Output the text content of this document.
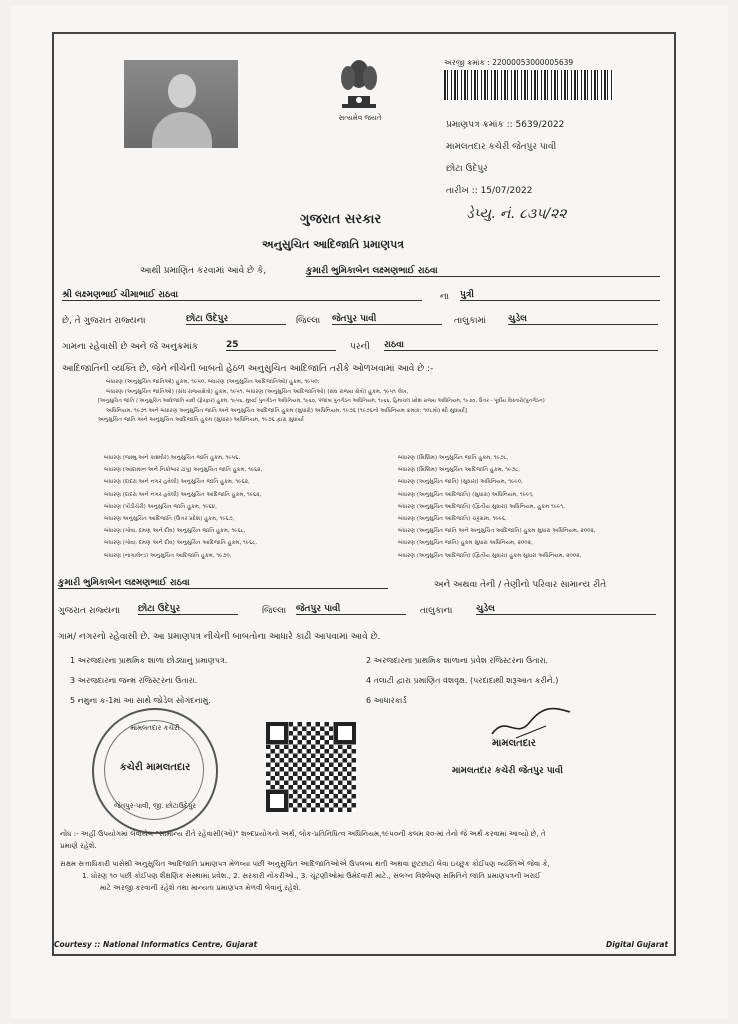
સત્યમેવ જયતે
અરજી ક્રમાંક : 22000053000005639
પ્રમાણપત્ર ક્રમાંક :: 5639/2022
મામલતદાર કચેરી જેતપુર પાવી
છોટા ઉદેપુર
તારીખ :: 15/07/2022
ગુજરાત સરકાર	ડેપ્યુ. નં. ૮૩૫/૨૨
અનુસુચિત આદિજાતિ પ્રમાણપત્ર
આથી પ્રમાણિત કરવામાં આવે છે કે,	કુમારી ભુમિકાબેન લક્ષ્મણભાઈ રાઠવા
શ્રી લક્ષ્મણભાઈ ચીમાભાઈ રાઠવા	ના પુત્રી
છે, તે ગુજરાત રાજ્યના	છોટા ઉદેપુર	જિલ્લા જેતપુર પાવી	તાલુકામાં ચુડેલ
ગામના રહેવાસી છે અને જે અનુક્રમાંક	25	પરની રાઠવા
આદિજાતિની વ્યક્તિ છે, જેને નીચેની બાબતો હેઠળ અનુસુચિત આદિજાતિ તરીકે ઓળખવામાં આવે છે :-
બંધારણ (અનુસુચિત જાતિઓ) હુકમ, ૧૯૫૦, બંધારણ (અનુસુચિત આદિજાતિઓ) હુકમ, ૧૯૫૦;
બંધારણ (અનુસુચિત જાતિઓ) (સંઘ રાજ્યક્ષેત્રો) હુકમ, ૧૯૫૧, બંધારણ (અનુસુચિત આદિજાતિઓ) (સંઘ રાજ્ય ક્ષેત્રો) હુકમ, ૧૯૫૧ લેખ,
[અનુસુચિત જાતિ / અનુસુચિત આદિજાતિ યાદી (ફેરફાર) હુકમ, ૧૯૫૬, મુંબઈ પુનર્ગઠન અધિનિયમ, ૧૯૬૦, પંજાબ પુનર્ગઠન અધિનિયમ, ૧૯૬૬, હિમાચલ પ્રદેશ રાજ્ય અધિનિયમ, ૧૯૭૦, ઉત્તર - પૂર્વીય વિસ્તારો(પુનર્ગઠન)
અધિનિયમ, ૧૯૭૧ અને બંધારણ અનુસુચિત જાતિ અને અનુસુચિત આદિજાતિ હુકમ (સુધારો) અધિનિયમ, ૧૯૭૬ (૧૯૭૬નો અધિનિયમ ક્રમાંક: ૧૦૮મો) થી સુધાર્યા]
અનુસુચિત જાતિ અને અનુસુચિત આદિજાતિ હુકમ (સુધારા) અધિનિયમ, ૧૯૭૬ દ્વારા સુધાર્યા
બંધારણ (જમ્મુ અને કાશ્મીર) અનુસુચિત જાતિ હુકમ, ૧૯૫૬,
બંધારણ (આંદામાન અને નિકોબાર ટાપુ) અનુસુચિત જાતિ હુકમ, ૧૯૬૨,
બંધારણ (દાદરા અને નગર હવેલી) અનુસુચિત જાતિ હુકમ, ૧૯૬૨,
બંધારણ (દાદરા અને નગર હવેલી) અનુસુચિત આદિજાતિ હુકમ, ૧૯૬૨,
બંધારણ (પોંડીચેરી) અનુસુચિત જાતિ હુકમ, ૧૯૬૪,
બંધારણ અનુસુચિત આદિજાતિ (ઉત્તર પ્રદેશ) હુકમ, ૧૯૬૭,
બંધારણ (ગોવા, દમણ અને દીવ) અનુસુચિત જાતિ હુકમ, ૧૯૬૮,
બંધારણ (ગોવા, દમણ અને દીવ) અનુસુચિત આદિજાતિ હુકમ, ૧૯૬૮,
બંધારણ (નાગાલેન્ડ) અનુસુચિત આદિજાતિ હુકમ, ૧૯૭૦,
બંધારણ (સિક્કિમ) અનુસુચિત જાતિ હુકમ, ૧૯૭૮,
બંધારણ (સિક્કિમ) અનુસુચિત આદિજાતિ હુકમ, ૧૯૭૮,
બંધારણ (અનુસુચિત જાતિ) (સુધારા) અધિનિયમ, ૧૯૯૦,
બંધારણ (અનુસુચિત આદિજાતિ) (સુધારા) અધિનિયમ, ૧૯૯૧,
બંધારણ (અનુસુચિત આદિજાતિ) (દ્વિતીય સુધારા) અધિનિયમ, હુકમ ૧૯૯૧,
બંધારણ (અનુસુચિત આદિજાતિ) ચટ્ટગ્રામ, ૧૯૯૬,
બંધારણ (અનુસુચિત જાતિ અને અનુસુચિત આદિજાતિ) હુકમ સુધારા અધિનિયમ, ૨૦૦૨,
બંધારણ (અનુસુચિત જાતિ) હુકમ સુધારા અધિનિયમ, ૨૦૦૨,
બંધારણ (અનુસુચિત આદિજાતિ) (દ્વિતીય સુધારા) હુકમ સુધારા અધિનિયમ, ૨૦૦૨,
કુમારી ભુમિકાબેન લક્ષ્મણભાઈ રાઠવા	અને અથવા તેની / તેણીનો પરિવાર સામાન્ય રીતે
ગુજરાત રાજ્યના છોટા ઉદેપુર	જિલ્લા જેતપુર પાવી	તાલુકાના	ચુડેલ
ગામ/ નગરનો રહેવાસી છે. આ પ્રમાણપત્ર નીચેની બાબતોના આધારે કાઢી આપવામાં આવે છે.
1 અરજદારના પ્રાથમિક શાળા છોડ્યાનું પ્રમાણપત્ર.	2 અરજદારના પ્રાથમિક શાળાના પ્રવેશ રજિસ્ટરના ઉતારા.
3 અરજદારના જન્મ રજિસ્ટરના ઉતારા.	4 તલાટી દ્વારા પ્રમાણિત વંશવૃક્ષ. (પરદાદાથી શરૂઆત કરીને.)
5 નમુના ક-1માં આ સાથે જોડેલ સોગંદનામું.	6 આધારકાર્ડ
મામલતદાર કચેરી
કચેરી મામલતદાર
જેતપુર-પાવી, જી. છોટાઉદેપુર
મામલતદાર
મામલતદાર કચેરી જેતપુર પાવી
નોંધ :- અહીં ઉપયોગમાં લેવાયેલ "સામાન્ય રીતે રહેવાસી(ઓ)" શબ્દપ્રયોગનો અર્થ, લોક-પ્રતિનિધિત્વ અધિનિયમ,૧૯૫૦ની કલમ ૨૦-માં તેનો જે અર્થ કરવામાં આવ્યો છે, તે
પ્રમાણે રહેશે.
સક્ષમ સત્તાધિકારી પાસેથી અનુસુચિત આદિજાતિ પ્રમાણપત્ર મેળવ્યા પછી અનુસુચિત આદિજાતિઓએ ઉપલબ્ધ થતી અથવા છુટછાટો લેવા ઇચ્છુક કોઈપણ વ્યક્તિએ જેવા કે,
1. ધોરણ ૧૦ પછી કોઈપણ શૈક્ષણિક સંસ્થામાં પ્રવેશ., 2. સરકારી નોકરીઓ., 3. ચૂંટણીઓમાં ઉમેદવારી માટે., સંલગ્ન વિશ્લેષણ સમિતિને જાતિ પ્રમાણપત્રની ખરાઈ
માટે અરજી કરવાની રહેશે તથા માન્યતા પ્રમાણપત્ર મેળવી લેવાનું રહેશે.
Courtesy :: National Informatics Centre, Gujarat	Digital Gujarat
